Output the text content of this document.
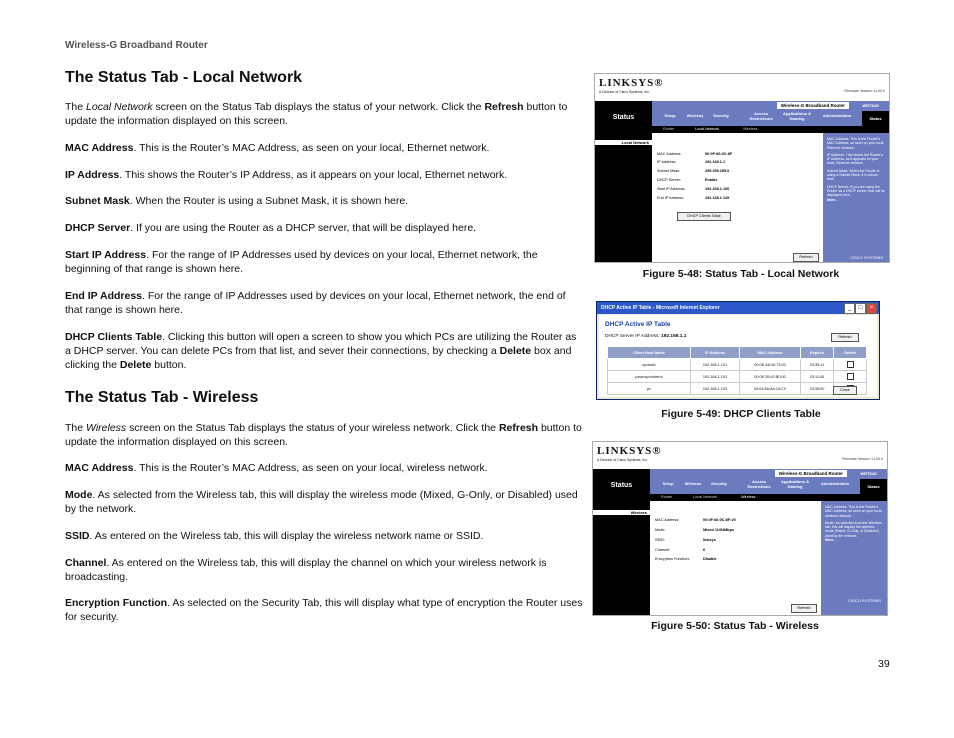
Wireless-G Broadband Router
The Status Tab - Local Network
The Local Network screen on the Status Tab displays the status of your network. Click the Refresh button to update the information displayed on this screen.
MAC Address. This is the Router’s MAC Address, as seen on your local, Ethernet network.
IP Address. This shows the Router’s IP Address, as it appears on your local, Ethernet network.
Subnet Mask. When the Router is using a Subnet Mask, it is shown here.
DHCP Server. If you are using the Router as a DHCP server, that will be displayed here.
Start IP Address. For the range of IP Addresses used by devices on your local, Ethernet network, the beginning of that range is shown here.
End IP Address. For the range of IP Addresses used by devices on your local, Ethernet network, the end of that range is shown here.
DHCP Clients Table. Clicking this button will open a screen to show you which PCs are utilizing the Router as a DHCP server. You can delete PCs from that list, and sever their connections, by checking a Delete box and clicking the Delete button.
The Status Tab - Wireless
The Wireless screen on the Status Tab displays the status of your wireless network. Click the Refresh button to update the information displayed on this screen.
MAC Address. This is the Router’s MAC Address, as seen on your local, wireless network.
Mode. As selected from the Wireless tab, this will display the wireless mode (Mixed, G-Only, or Disabled) used by the network.
SSID. As entered on the Wireless tab, this will display the wireless network name or SSID.
Channel. As entered on the Wireless tab, this will display the channel on which your wireless network is broadcasting.
Encryption Function. As selected on the Security Tab, this will display what type of encryption the Router uses for security.
LINKSYS®
A Division of Cisco Systems, Inc.	Firmware Version: v1.00.0
Status
Wireless-G Broadband Router	WRT54G
Setup	Wireless	Security	Access Restrictions
Applications & Gaming	Administration
Status
Router	Local Network	Wireless
Local Network
MAC Address:	00:0F:66:0C:8F
IP Address:	192.168.1.1
Subnet Mask:	255.255.255.0
DHCP Server:	Enable
Start IP Address:	192.168.1.100
End IP Address:	192.168.1.149
DHCP Clients Table
MAC Address: This is the Router's MAC Address, as seen on your local, Ethernet network.
IP Address: This shows the Router's IP Address, as it appears on your local, Ethernet network.
Subnet Mask: When the Router is using a Subnet Mask, it is shown here.
DHCP Server: If you are using the Router as a DHCP server, that will be displayed here.
More...
CISCO SYSTEMS
Refresh
Figure 5-48: Status Tab - Local Network
DHCP Active IP Table - Microsoft Internet Explorer	_	□	×
DHCP Active IP Table
DHCP Server IP Address: 192.168.1.1	Refresh
Client Host Name	IP Address	MAC Address	Expires	Delete
xpvista1	192.168.1.101	00:0E:A6:00:73:00	23:35:11	
paverzpcroberto	192.168.1.102	00:0E:35:42:B0:00	23:11:45	
pc	192.168.1.103	00:04:5A:8A:19:C0	23:35:00		Close
Figure 5-49: DHCP Clients Table
LINKSYS®
A Division of Cisco Systems, Inc.	Firmware Version: v1.00.0
Status
Wireless-G Broadband Router	WRT54G
Setup	Wireless	Security	Access Restrictions
Applications & Gaming	Administration
Status
Router	Local Network	Wireless
Wireless
MAC Address:	00:0F:66:0C:8F:20
Mode:	Mixed 11/54Mbps
SSID:	linksys
Channel:	6
Encryption Function:	Disable
MAC Address: This is the Router's MAC Address, as seen on your local, wireless network.
Mode: As selected from the Wireless tab, this will display the wireless mode (Mixed, G-Only, or Disabled) used by the network.
More...
CISCO SYSTEMS
Refresh
Figure 5-50: Status Tab - Wireless
39
